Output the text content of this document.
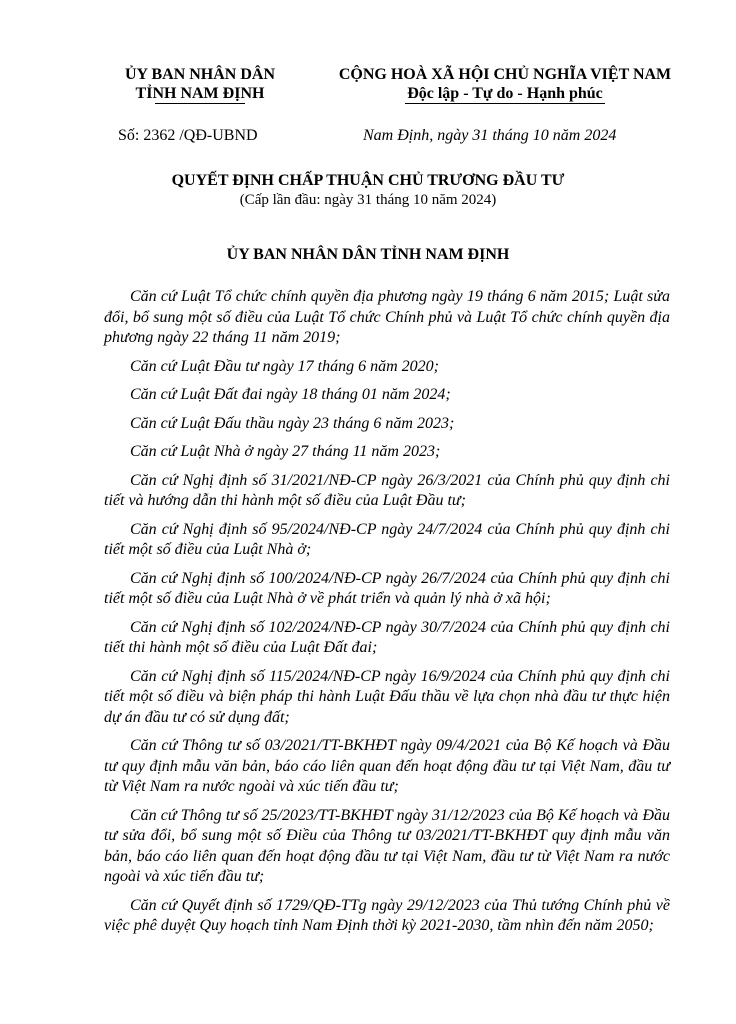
ỦY BAN NHÂN DÂN
TỈNH NAM ĐỊNH
CỘNG HOÀ XÃ HỘI CHỦ NGHĨA VIỆT NAM
Độc lập - Tự do - Hạnh phúc
Số: 2362 /QĐ-UBND	Nam Định, ngày 31 tháng 10 năm 2024
QUYẾT ĐỊNH CHẤP THUẬN CHỦ TRƯƠNG ĐẦU TƯ
(Cấp lần đầu: ngày 31 tháng 10 năm 2024)
ỦY BAN NHÂN DÂN TỈNH NAM ĐỊNH

Căn cứ Luật Tổ chức chính quyền địa phương ngày 19 tháng 6 năm 2015; Luật sửa đổi, bổ sung một số điều của Luật Tổ chức Chính phủ và Luật Tổ chức chính quyền địa phương ngày 22 tháng 11 năm 2019;

Căn cứ Luật Đầu tư ngày 17 tháng 6 năm 2020;

Căn cứ Luật Đất đai ngày 18 tháng 01 năm 2024;

Căn cứ Luật Đấu thầu ngày 23 tháng 6 năm 2023;

Căn cứ Luật Nhà ở ngày 27 tháng 11 năm 2023;

Căn cứ Nghị định số 31/2021/NĐ-CP ngày 26/3/2021 của Chính phủ quy định chi tiết và hướng dẫn thi hành một số điều của Luật Đầu tư;

Căn cứ Nghị định số 95/2024/NĐ-CP ngày 24/7/2024 của Chính phủ quy định chi tiết một số điều của Luật Nhà ở;

Căn cứ Nghị định số 100/2024/NĐ-CP ngày 26/7/2024 của Chính phủ quy định chi tiết một số điều của Luật Nhà ở về phát triển và quản lý nhà ở xã hội;

Căn cứ Nghị định số 102/2024/NĐ-CP ngày 30/7/2024 của Chính phủ quy định chi tiết thi hành một số điều của Luật Đất đai;

Căn cứ Nghị định số 115/2024/NĐ-CP ngày 16/9/2024 của Chính phủ quy định chi tiết một số điều và biện pháp thi hành Luật Đấu thầu về lựa chọn nhà đầu tư thực hiện dự án đầu tư có sử dụng đất;

Căn cứ Thông tư số 03/2021/TT-BKHĐT ngày 09/4/2021 của Bộ Kế hoạch và Đầu tư quy định mẫu văn bản, báo cáo liên quan đến hoạt động đầu tư tại Việt Nam, đầu tư từ Việt Nam ra nước ngoài và xúc tiến đầu tư;

Căn cứ Thông tư số 25/2023/TT-BKHĐT ngày 31/12/2023 của Bộ Kế hoạch và Đầu tư sửa đổi, bổ sung một số Điều của Thông tư 03/2021/TT-BKHĐT quy định mẫu văn bản, báo cáo liên quan đến hoạt động đầu tư tại Việt Nam, đầu tư từ Việt Nam ra nước ngoài và xúc tiến đầu tư;

Căn cứ Quyết định số 1729/QĐ-TTg ngày 29/12/2023 của Thủ tướng Chính phủ về việc phê duyệt Quy hoạch tỉnh Nam Định thời kỳ 2021-2030, tầm nhìn đến năm 2050;
